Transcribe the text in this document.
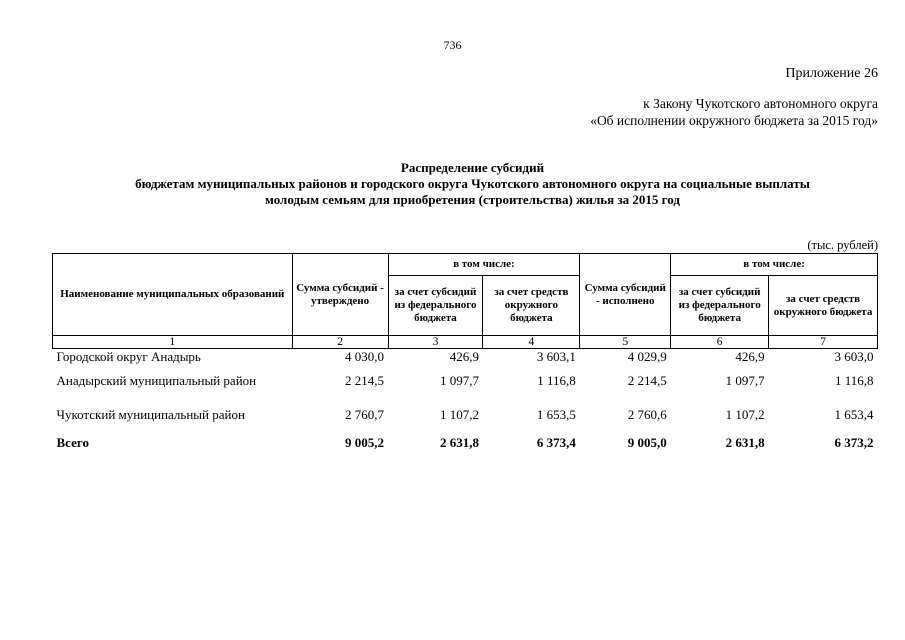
736
Приложение 26
к Закону Чукотского автономного округа
«Об исполнении окружного бюджета за 2015 год»
Распределение субсидий
бюджетам муниципальных районов и городского округа Чукотского автономного округа на социальные выплаты
молодым семьям для приобретения (строительства) жилья за 2015 год
(тыс. рублей)
Наименование муниципальных образований	Сумма субсидий - утверждено	в том числе:		Сумма субсидий - исполнено	в том числе:	
		за счет субсидий из федерального бюджета	за счет средств окружного бюджета		за счет субсидий из федерального бюджета	за счет средств окружного бюджета
1	2	3	4	5	6	7
Городской округ Анадырь	4 030,0	426,9	3 603,1	4 029,9	426,9	3 603,0
Анадырский муниципальный район	2 214,5	1 097,7	1 116,8	2 214,5	1 097,7	1 116,8
Чукотский муниципальный район	2 760,7	1 107,2	1 653,5	2 760,6	1 107,2	1 653,4
Всего	9 005,2	2 631,8	6 373,4	9 005,0	2 631,8	6 373,2
